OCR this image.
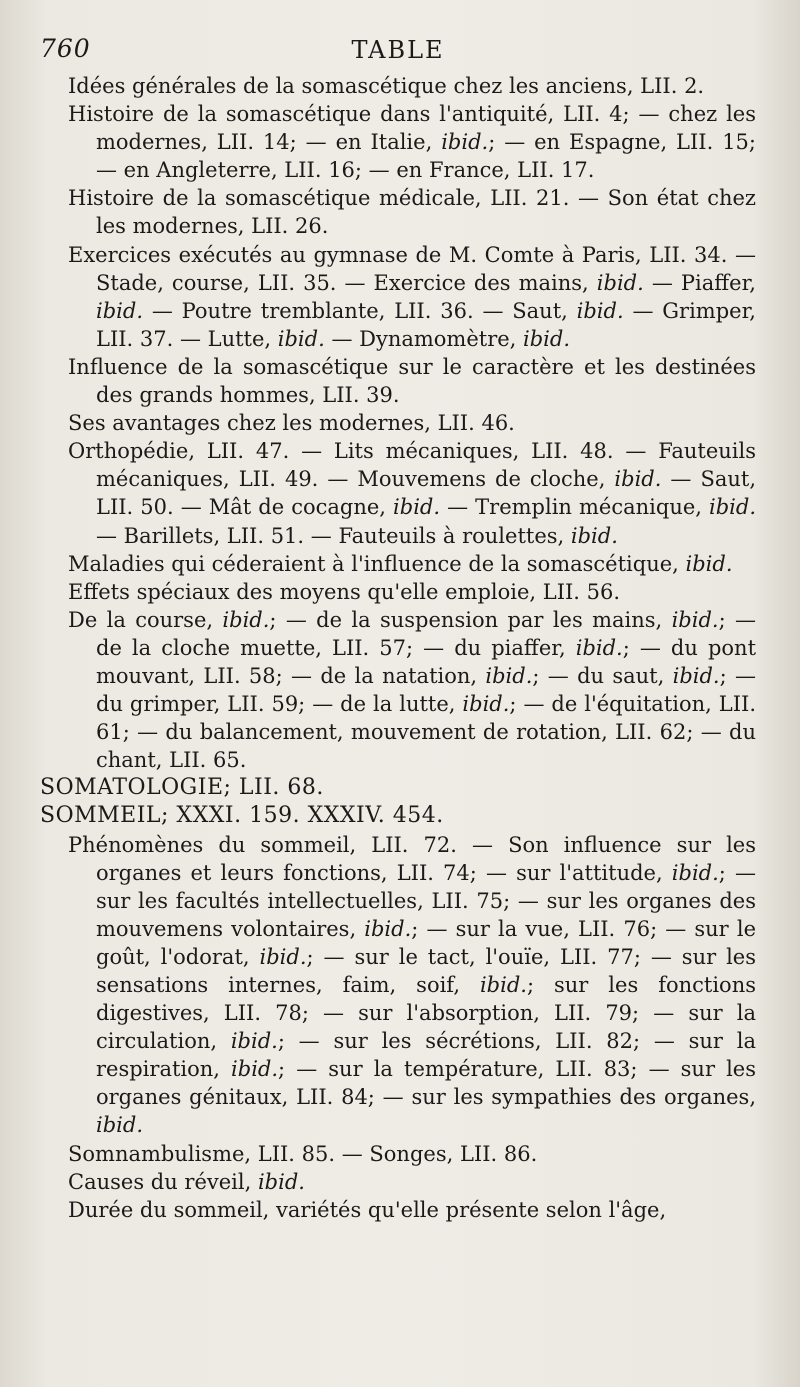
760	TABLE

Idées générales de la somascétique chez les anciens, LII. 2.

Histoire de la somascétique dans l'antiquité, LII. 4; — chez les modernes, LII. 14; — en Italie, ibid.; — en Espagne, LII. 15; — en Angleterre, LII. 16; — en France, LII. 17.

Histoire de la somascétique médicale, LII. 21. — Son état chez les modernes, LII. 26.

Exercices exécutés au gymnase de M. Comte à Paris, LII. 34. — Stade, course, LII. 35. — Exercice des mains, ibid. — Piaffer, ibid. — Poutre tremblante, LII. 36. — Saut, ibid. — Grimper, LII. 37. — Lutte, ibid. — Dynamomètre, ibid.

Influence de la somascétique sur le caractère et les destinées des grands hommes, LII. 39.

Ses avantages chez les modernes, LII. 46.

Orthopédie, LII. 47. — Lits mécaniques, LII. 48. — Fauteuils mécaniques, LII. 49. — Mouvemens de cloche, ibid. — Saut, LII. 50. — Mât de cocagne, ibid. — Tremplin mécanique, ibid. — Barillets, LII. 51. — Fauteuils à roulettes, ibid.

Maladies qui céderaient à l'influence de la somascétique, ibid.

Effets spéciaux des moyens qu'elle emploie, LII. 56.

De la course, ibid.; — de la suspension par les mains, ibid.; — de la cloche muette, LII. 57; — du piaffer, ibid.; — du pont mouvant, LII. 58; — de la natation, ibid.; — du saut, ibid.; — du grimper, LII. 59; — de la lutte, ibid.; — de l'équitation, LII. 61; — du balancement, mouvement de rotation, LII. 62; — du chant, LII. 65.

SOMATOLOGIE; LII. 68.

SOMMEIL; XXXI. 159. XXXIV. 454.

Phénomènes du sommeil, LII. 72. — Son influence sur les organes et leurs fonctions, LII. 74; — sur l'attitude, ibid.; — sur les facultés intellectuelles, LII. 75; — sur les organes des mouvemens volontaires, ibid.; — sur la vue, LII. 76; — sur le goût, l'odorat, ibid.; — sur le tact, l'ouïe, LII. 77; — sur les sensations internes, faim, soif, ibid.; sur les fonctions digestives, LII. 78; — sur l'absorption, LII. 79; — sur la circulation, ibid.; — sur les sécrétions, LII. 82; — sur la respiration, ibid.; — sur la température, LII. 83; — sur les organes génitaux, LII. 84; — sur les sympathies des organes, ibid.

Somnambulisme, LII. 85. — Songes, LII. 86.

Causes du réveil, ibid.

Durée du sommeil, variétés qu'elle présente selon l'âge,
